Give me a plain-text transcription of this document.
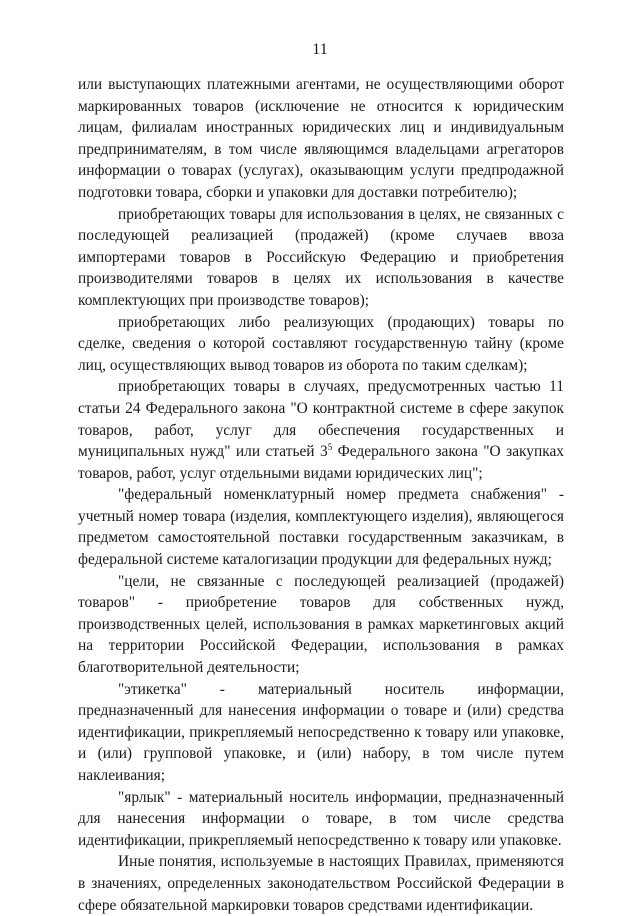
11

или выступающих платежными агентами, не осуществляющими оборот маркированных товаров (исключение не относится к юридическим лицам, филиалам иностранных юридических лиц и индивидуальным предпринимателям, в том числе являющимся владельцами агрегаторов информации о товарах (услугах), оказывающим услуги предпродажной подготовки товара, сборки и упаковки для доставки потребителю);

приобретающих товары для использования в целях, не связанных с последующей реализацией (продажей) (кроме случаев ввоза импортерами товаров в Российскую Федерацию и приобретения производителями товаров в целях их использования в качестве комплектующих при производстве товаров);

приобретающих либо реализующих (продающих) товары по сделке, сведения о которой составляют государственную тайну (кроме лиц, осуществляющих вывод товаров из оборота по таким сделкам);

приобретающих товары в случаях, предусмотренных частью 11 статьи 24 Федерального закона "О контрактной системе в сфере закупок товаров, работ, услуг для обеспечения государственных и муниципальных нужд" или статьей $3^5$ Федерального закона "О закупках товаров, работ, услуг отдельными видами юридических лиц";

"федеральный номенклатурный номер предмета снабжения" - учетный номер товара (изделия, комплектующего изделия), являющегося предметом самостоятельной поставки государственным заказчикам, в федеральной системе каталогизации продукции для федеральных нужд;

"цели, не связанные с последующей реализацией (продажей) товаров" - приобретение товаров для собственных нужд, производственных целей, использования в рамках маркетинговых акций на территории Российской Федерации, использования в рамках благотворительной деятельности;

"этикетка" - материальный носитель информации, предназначенный для нанесения информации о товаре и (или) средства идентификации, прикрепляемый непосредственно к товару или упаковке, и (или) групповой упаковке, и (или) набору, в том числе путем наклеивания;

"ярлык" - материальный носитель информации, предназначенный для нанесения информации о товаре, в том числе средства идентификации, прикрепляемый непосредственно к товару или упаковке.

Иные понятия, используемые в настоящих Правилах, применяются в значениях, определенных законодательством Российской Федерации в сфере обязательной маркировки товаров средствами идентификации.
